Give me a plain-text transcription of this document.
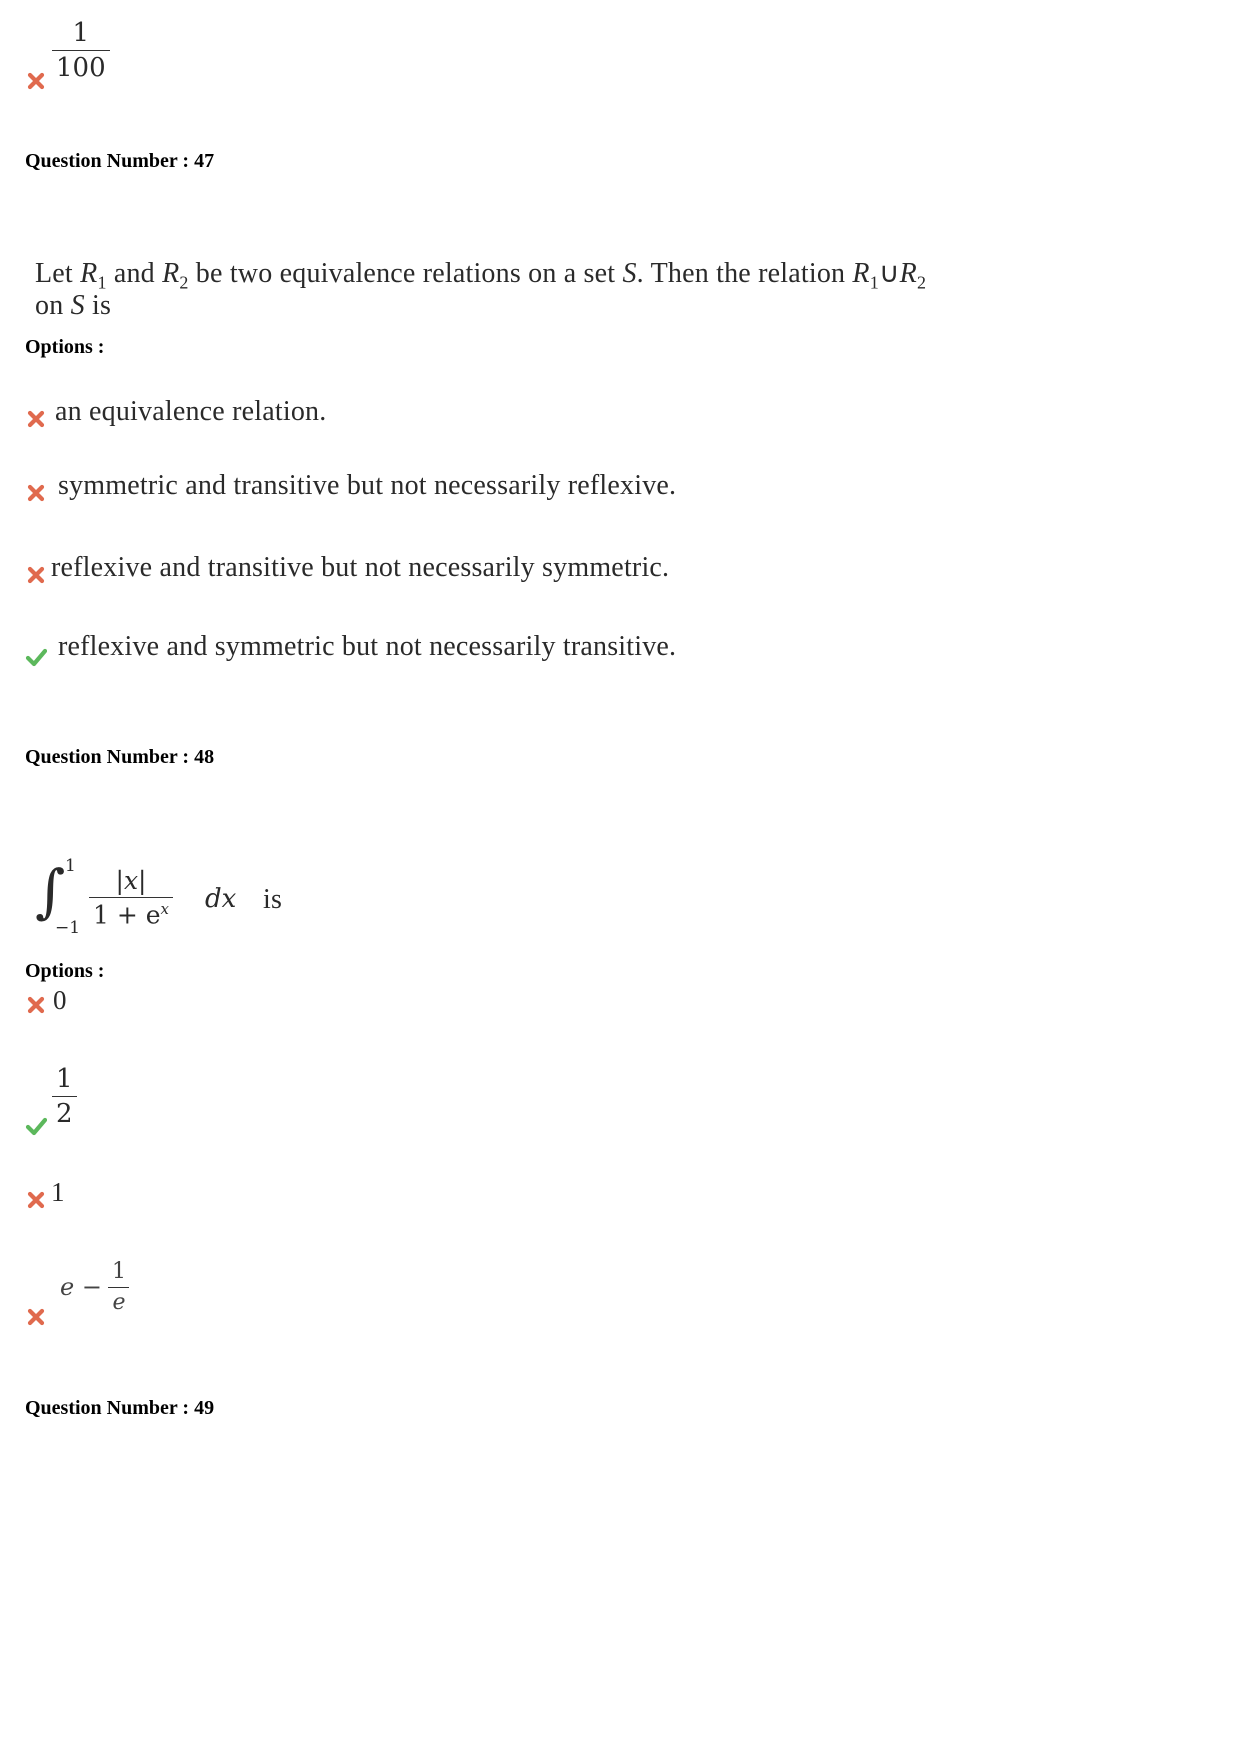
$\frac{1}{100}$
Question Number : 47
Let $R_1$ and $R_2$ be two equivalence relations on a set S. Then the relation $R_1\cup R_2$
on S is
Options :
an equivalence relation.
symmetric and transitive but not necessarily reflexive.
reflexive and transitive but not necessarily symmetric.
reflexive and symmetric but not necessarily transitive.
Question Number : 48
∫ 1
−1
$\frac{|x|}{1 + e^x}$ dx is
Options :
0
$\frac{1}{2}$
1
$e - \frac{1}{e}$
Question Number : 49
